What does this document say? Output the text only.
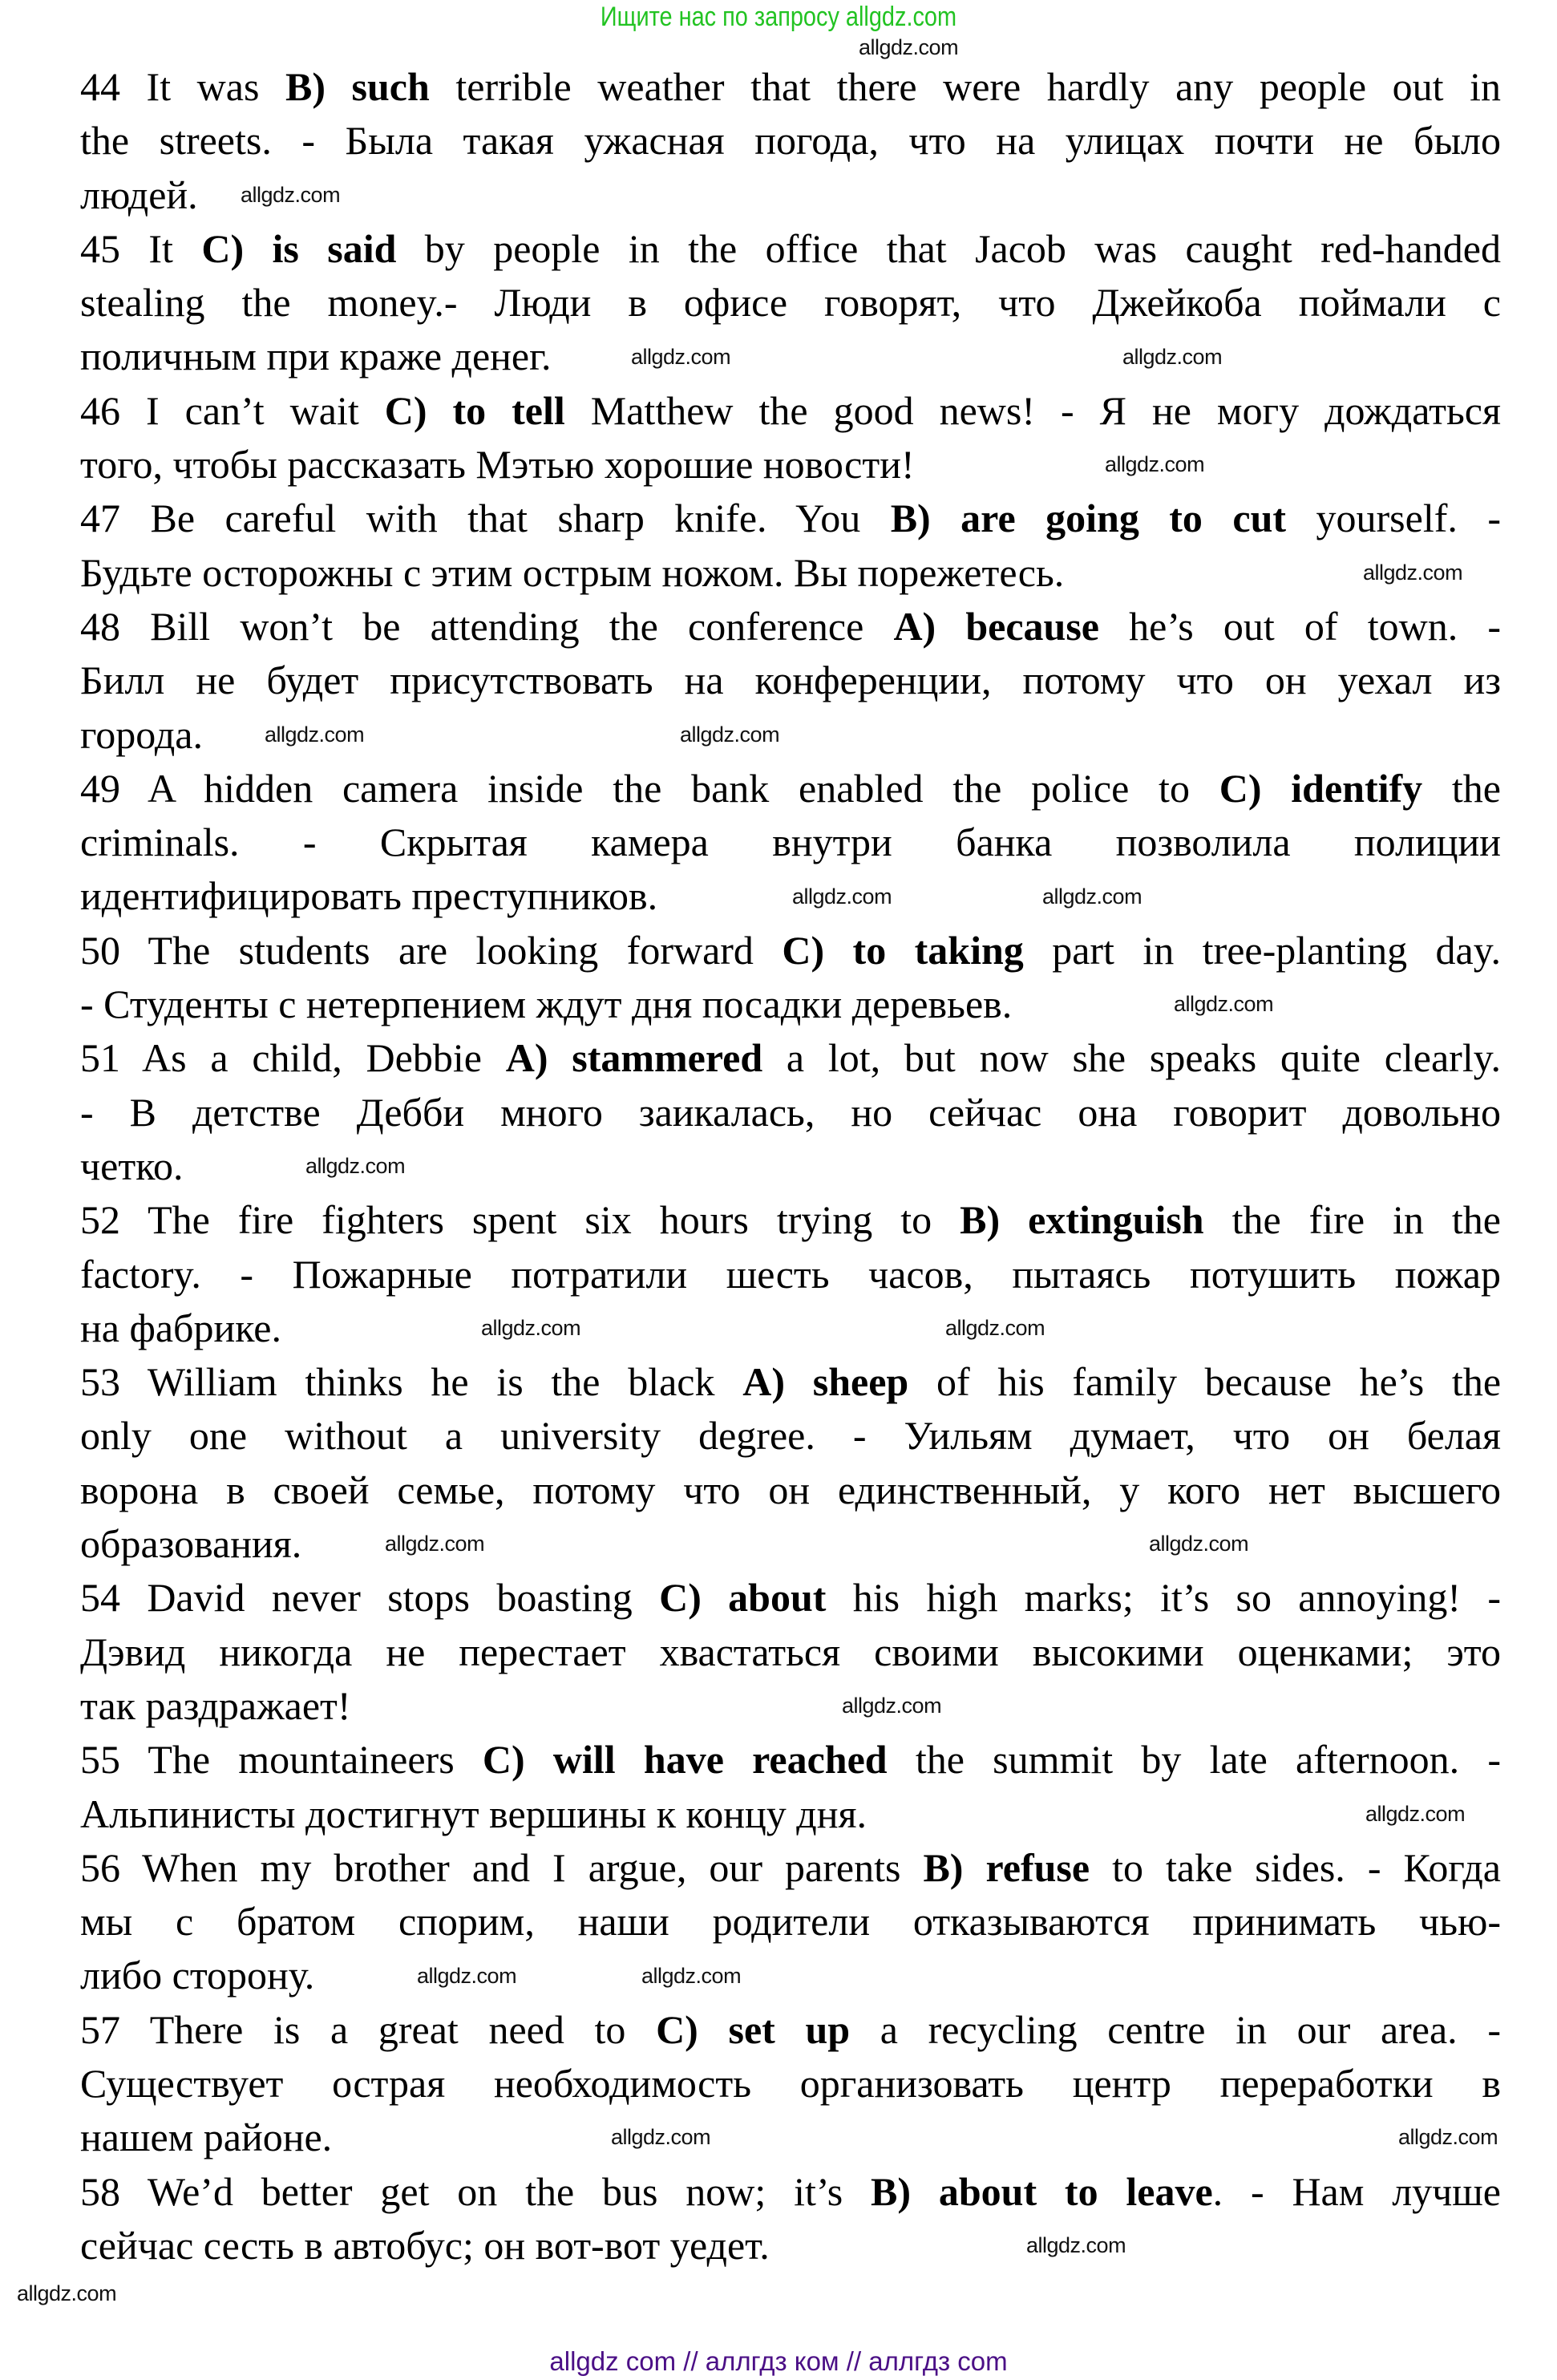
Ищите нас по запросу allgdz.com
44 It was B) such terrible weather that there were hardly any people out in
the streets. - Была такая ужасная погода, что на улицах почти не было
людей.
45 It C) is said by people in the office that Jacob was caught red-handed
stealing the money.- Люди в офисе говорят, что Джейкоба поймали с
поличным при краже денег.
46 I can’t wait C) to tell Matthew the good news! - Я не могу дождаться
того, чтобы рассказать Мэтью хорошие новости!
47 Be careful with that sharp knife. You B) are going to cut yourself. -
Будьте осторожны с этим острым ножом. Вы порежетесь.
48 Bill won’t be attending the conference A) because he’s out of town. -
Билл не будет присутствовать на конференции, потому что он уехал из
города.
49 A hidden camera inside the bank enabled the police to C) identify the
criminals. - Скрытая камера внутри банка позволила полиции
идентифицировать преступников.
50 The students are looking forward C) to taking part in tree-planting day.
- Студенты с нетерпением ждут дня посадки деревьев.
51 As a child, Debbie A) stammered a lot, but now she speaks quite clearly.
- В детстве Дебби много заикалась, но сейчас она говорит довольно
четко.
52 The fire fighters spent six hours trying to B) extinguish the fire in the
factory. - Пожарные потратили шесть часов, пытаясь потушить пожар
на фабрике.
53 William thinks he is the black A) sheep of his family because he’s the
only one without a university degree. - Уильям думает, что он белая
ворона в своей семье, потому что он единственный, у кого нет высшего
образования.
54 David never stops boasting C) about his high marks; it’s so annoying! -
Дэвид никогда не перестает хвастаться своими высокими оценками; это
так раздражает!
55 The mountaineers C) will have reached the summit by late afternoon. -
Альпинисты достигнут вершины к концу дня.
56 When my brother and I argue, our parents B) refuse to take sides. - Когда
мы с братом спорим, наши родители отказываются принимать чью-
либо сторону.
57 There is a great need to C) set up a recycling centre in our area. -
Существует острая необходимость организовать центр переработки в
нашем районе.
58 We’d better get on the bus now; it’s B) about to leave. - Нам лучше
сейчас сесть в автобус; он вот-вот уедет.
allgdz.com
allgdz.com
allgdz.com
allgdz.com
allgdz.com
allgdz.com
allgdz.com
allgdz.com
allgdz.com
allgdz.com
allgdz.com
allgdz.com
allgdz.com
allgdz.com
allgdz.com
allgdz.com
allgdz.com
allgdz.com
allgdz.com
allgdz.com
allgdz.com
allgdz.com
allgdz.com
allgdz.com
allgdz com // аллгдз ком // аллгдз com
